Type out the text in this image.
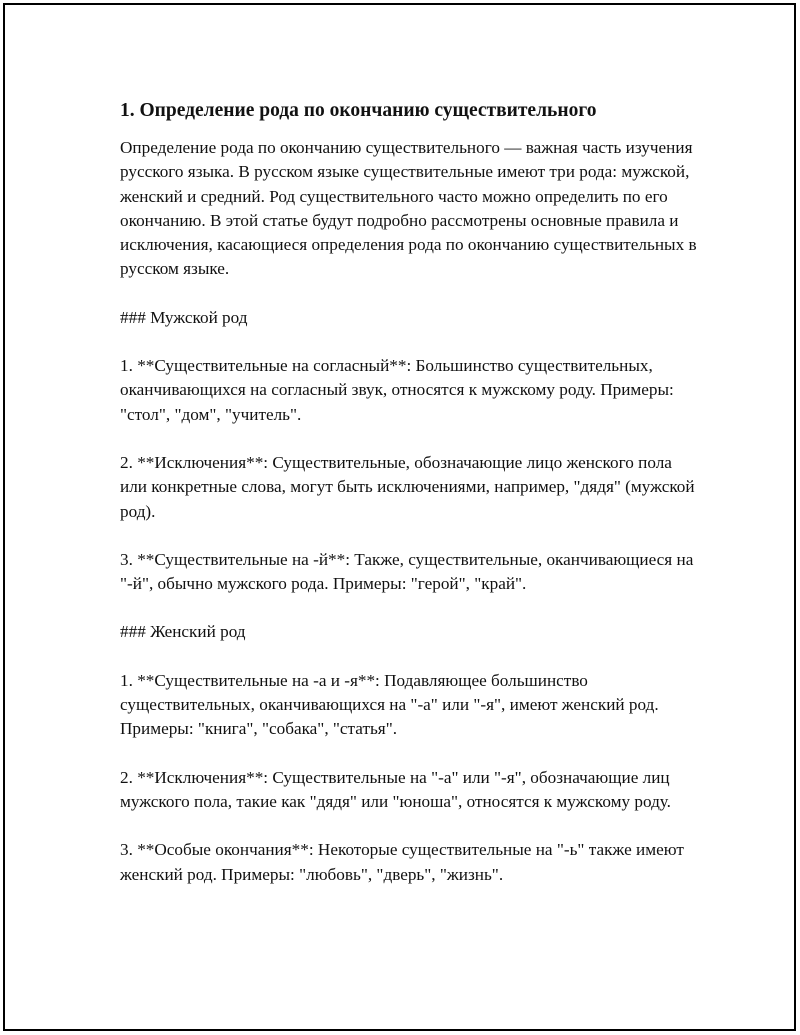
1. Определение рода по окончанию существительного

Определение рода по окончанию существительного — важная часть изучения русского языка. В русском языке существительные имеют три рода: мужской, женский и средний. Род существительного часто можно определить по его окончанию. В этой статье будут подробно рассмотрены основные правила и исключения, касающиеся определения рода по окончанию существительных в русском языке.

### Мужской род

1. **Существительные на согласный**: Большинство существительных, оканчивающихся на согласный звук, относятся к мужскому роду. Примеры: "стол", "дом", "учитель".

2. **Исключения**: Существительные, обозначающие лицо женского пола или конкретные слова, могут быть исключениями, например, "дядя" (мужской род).

3. **Существительные на -й**: Также, существительные, оканчивающиеся на "-й", обычно мужского рода. Примеры: "герой", "край".

### Женский род

1. **Существительные на -а и -я**: Подавляющее большинство существительных, оканчивающихся на "-а" или "-я", имеют женский род. Примеры: "книга", "собака", "статья".

2. **Исключения**: Существительные на "-а" или "-я", обозначающие лиц мужского пола, такие как "дядя" или "юноша", относятся к мужскому роду.

3. **Особые окончания**: Некоторые существительные на "-ь" также имеют женский род. Примеры: "любовь", "дверь", "жизнь".
